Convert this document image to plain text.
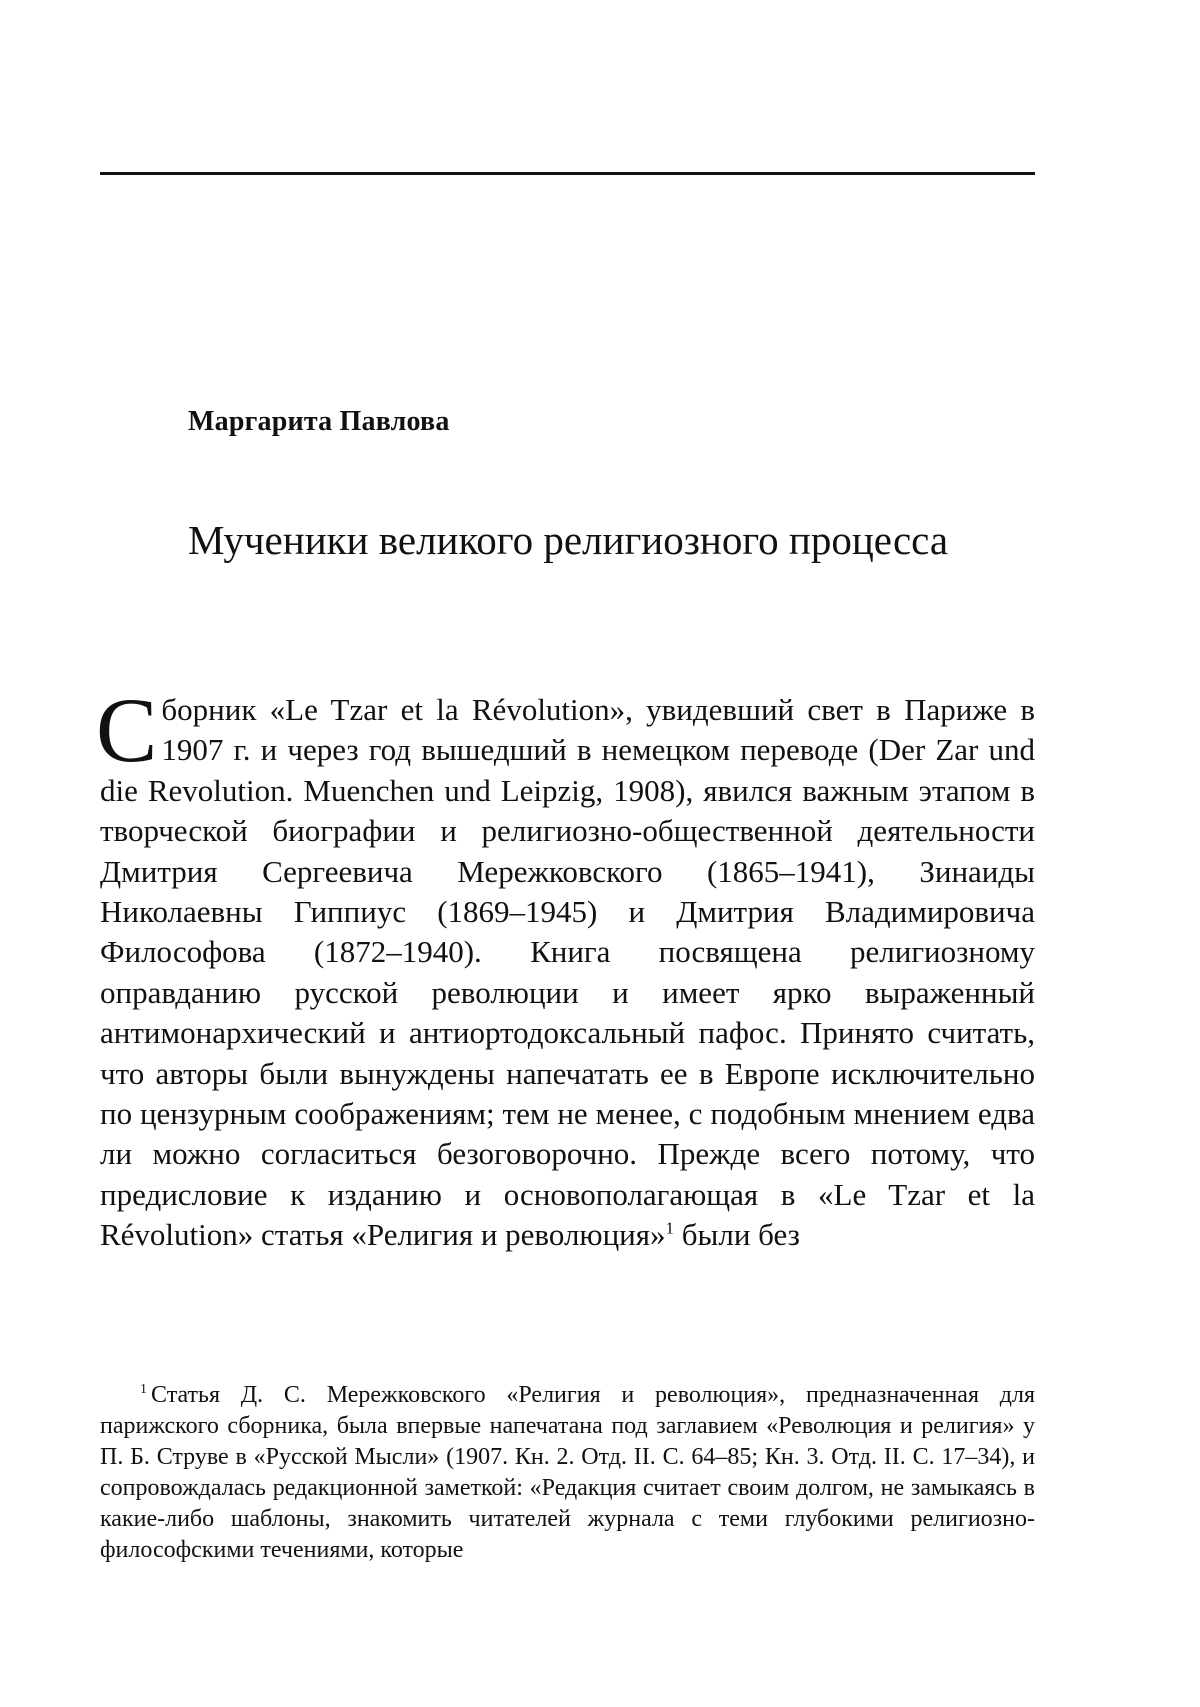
Маргарита Павлова
Мученики великого религиозного процесса
Сборник «Le Tzar et la Révolution», увидевший свет в Париже в 1907 г. и через год вышедший в немецком переводе (Der Zar und die Revolution. Muenchen und Leipzig, 1908), явился важным этапом в творческой биографии и религиозно-общественной деятельности Дмитрия Сергеевича Мережковского (1865–1941), Зинаиды Николаевны Гиппиус (1869–1945) и Дмитрия Владимировича Философова (1872–1940). Книга посвящена религиозному оправданию русской революции и имеет ярко выраженный антимонархический и антиортодоксальный пафос. Принято считать, что авторы были вынуждены напечатать ее в Европе исключительно по цензурным соображениям; тем не менее, с подобным мнением едва ли можно согласиться безоговорочно. Прежде всего потому, что предисловие к изданию и основополагающая в «Le Tzar et la Révolution» статья «Религия и революция»$^1$ были без
$^1$ Статья Д. С. Мережковского «Религия и революция», предназначенная для парижского сборника, была впервые напечатана под заглавием «Революция и религия» у П. Б. Струве в «Русской Мысли» (1907. Кн. 2. Отд. II. С. 64–85; Кн. 3. Отд. II. С. 17–34), и сопровождалась редакционной заметкой: «Редакция считает своим долгом, не замыкаясь в какие-либо шаблоны, знакомить читателей журнала с теми глубокими религиозно-философскими течениями, которые
